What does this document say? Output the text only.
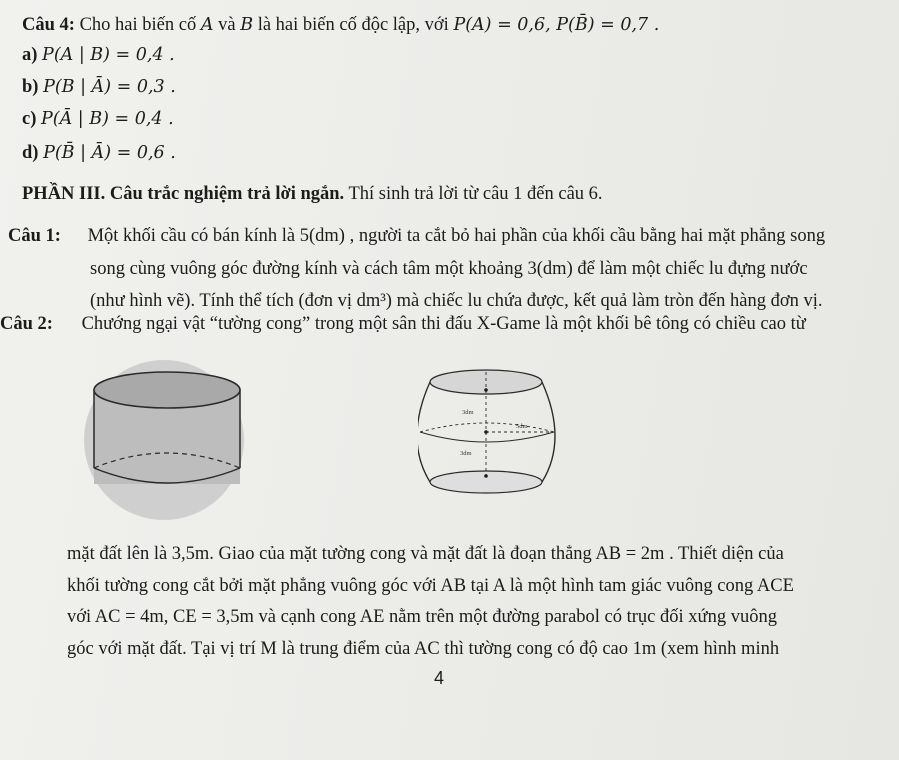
Câu 4: Cho hai biến cố A và B là hai biến cố độc lập, với P(A) = 0,6, P(B̄) = 0,7 .
a) P(A | B) = 0,4 .
b) P(B | Ā) = 0,3 .
c) P(Ā | B) = 0,4 .
d) P(B̄ | Ā) = 0,6 .
PHẦN III. Câu trắc nghiệm trả lời ngắn. Thí sinh trả lời từ câu 1 đến câu 6.
Câu 1: Một khối cầu có bán kính là 5(dm) , người ta cắt bỏ hai phần của khối cầu bằng hai mặt phẳng song
song cùng vuông góc đường kính và cách tâm một khoảng 3(dm) để làm một chiếc lu đựng nước
(như hình vẽ). Tính thể tích (đơn vị dm³) mà chiếc lu chứa được, kết quả làm tròn đến hàng đơn vị.
Câu 2: Chướng ngại vật “tường cong” trong một sân thi đấu X-Game là một khối bê tông có chiều cao từ
3dm
5dm
3dm
mặt đất lên là 3,5m. Giao của mặt tường cong và mặt đất là đoạn thẳng AB = 2m . Thiết diện của
khối tường cong cắt bởi mặt phẳng vuông góc với AB tại A là một hình tam giác vuông cong ACE
với AC = 4m, CE = 3,5m và cạnh cong AE nằm trên một đường parabol có trục đối xứng vuông
góc với mặt đất. Tại vị trí M là trung điểm của AC thì tường cong có độ cao 1m (xem hình minh
4
